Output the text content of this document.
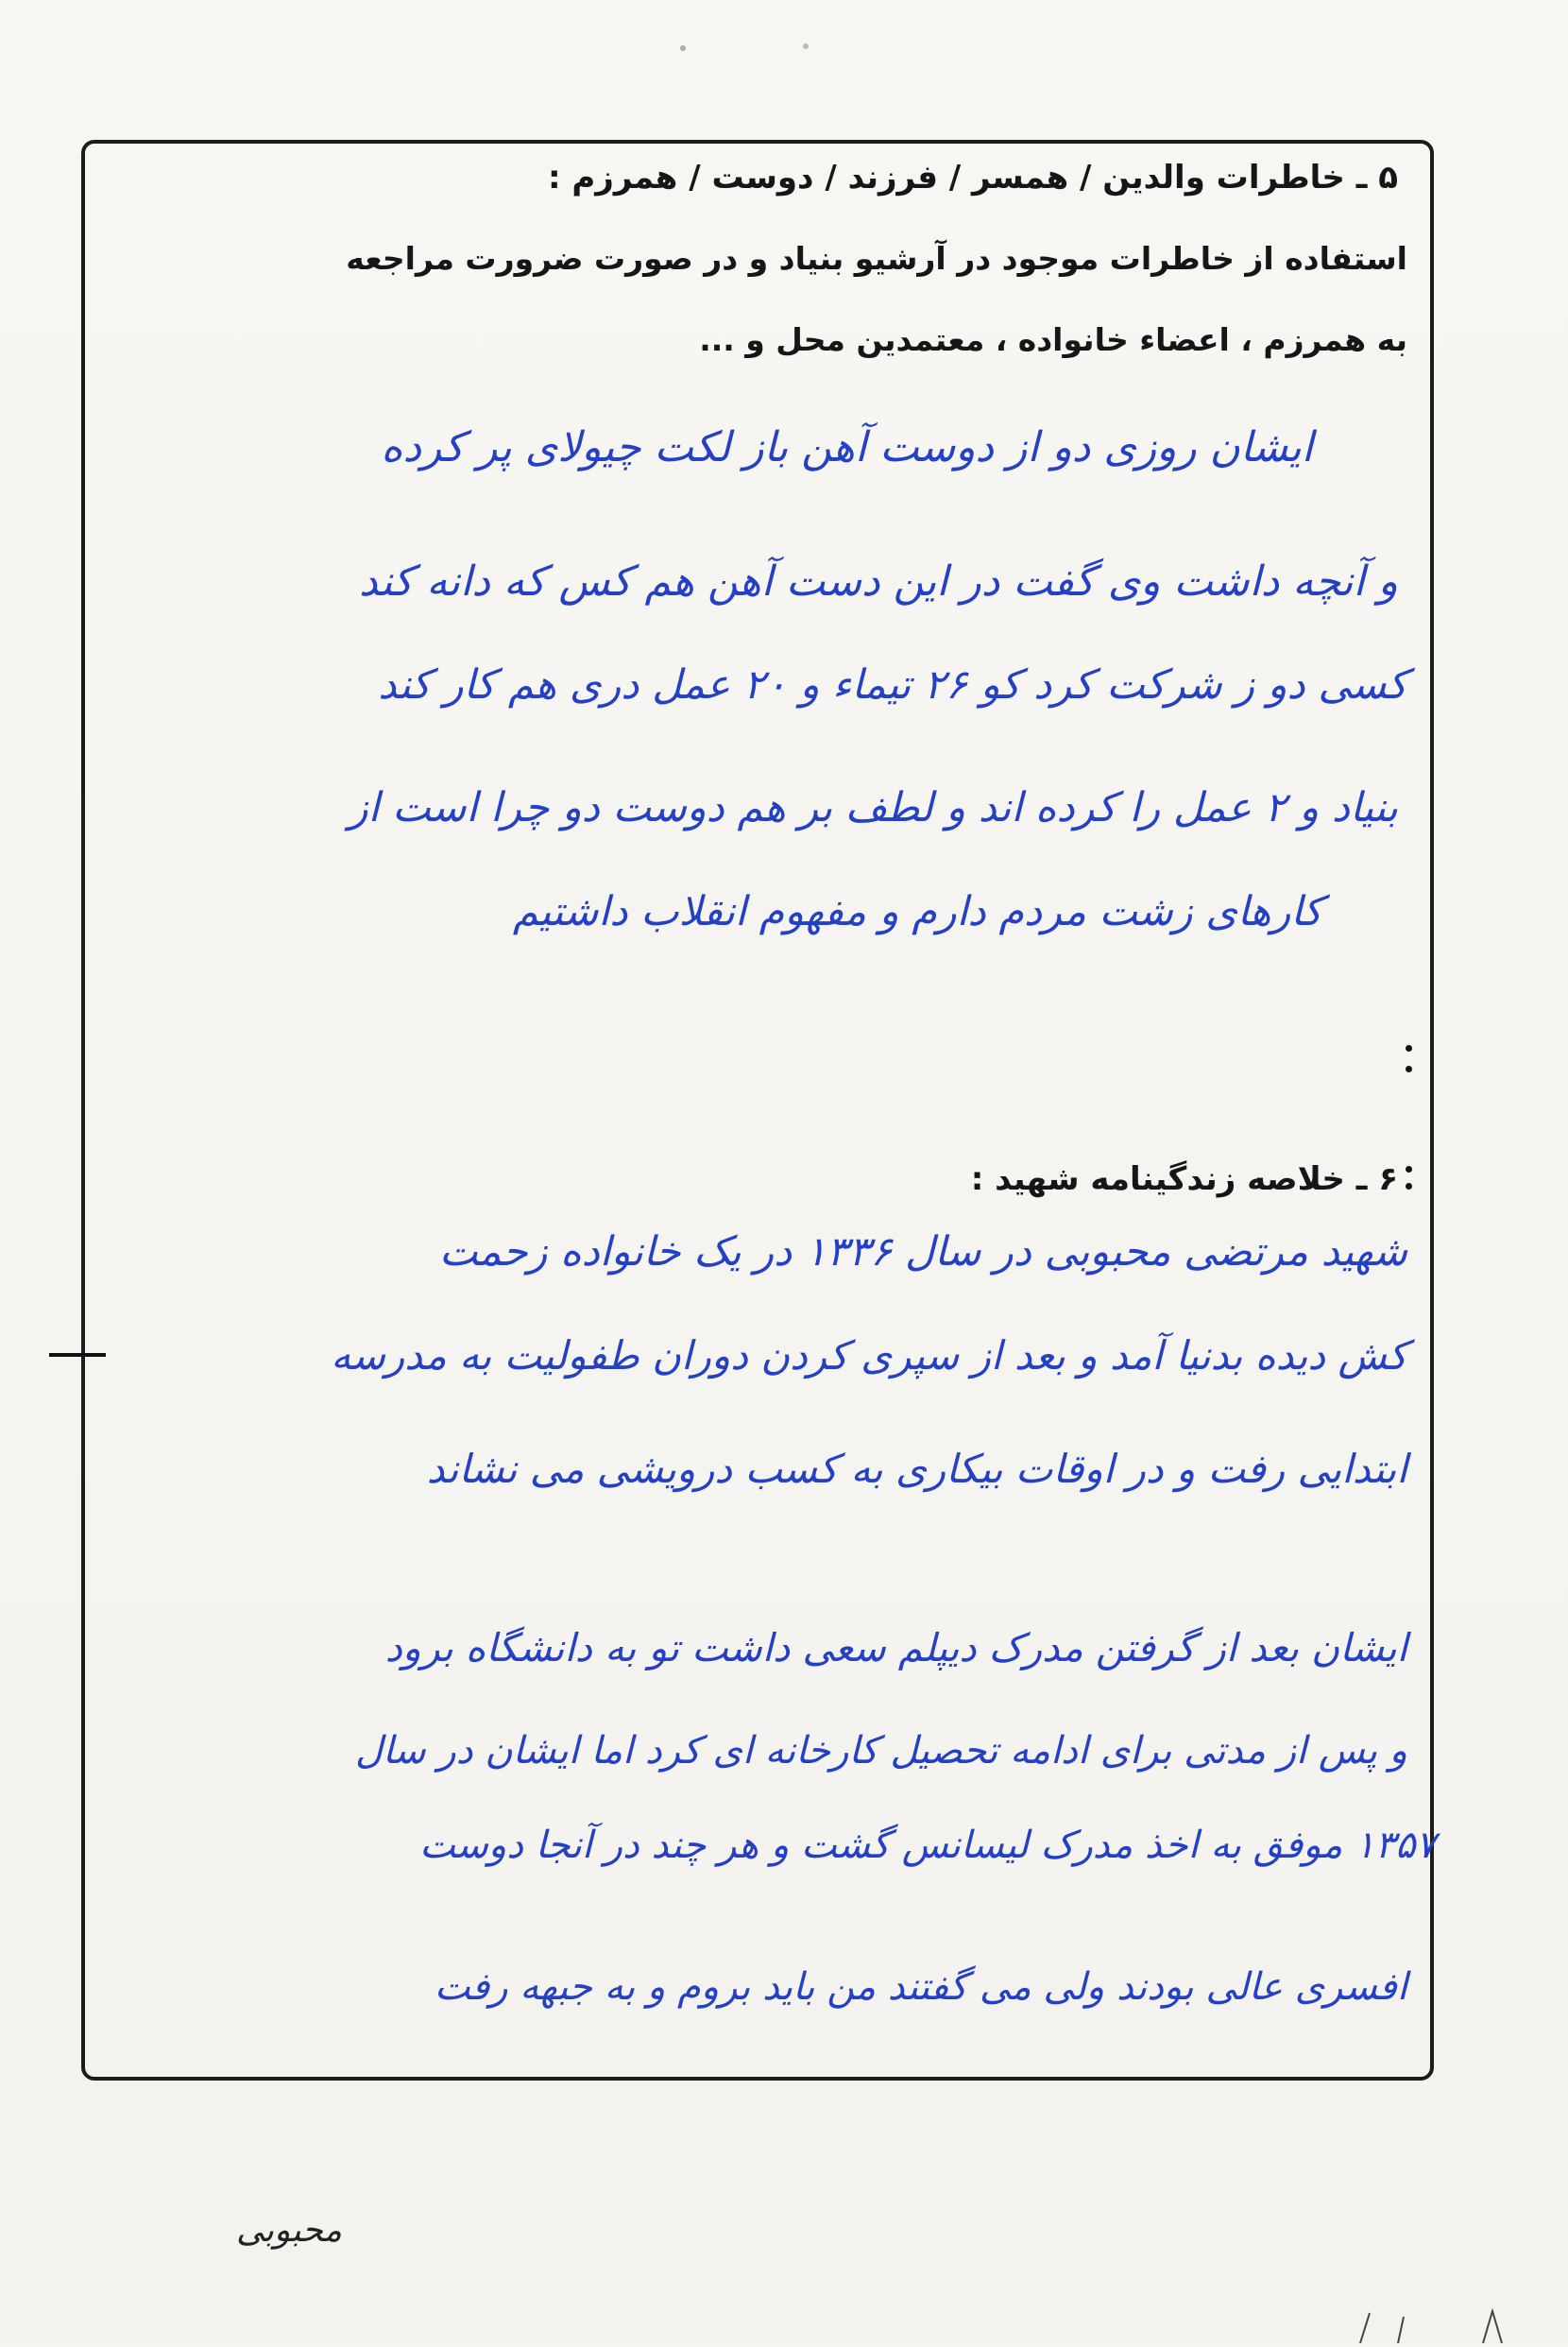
۵ ـ خاطرات والدین / همسر / فرزند / دوست / همرزم :
استفاده از خاطرات موجود در آرشیو بنیاد و در صورت ضرورت مراجعه
به همرزم ، اعضاء خانواده ، معتمدین محل و ...
ایشان روزی دو از دوست آهن باز لکت چیولای پر کرده
و آنچه داشت وی گفت در این دست آهن هم کس که دانه کند
کسی دو ز شرکت کرد کو ۲۶ تیماء و ۲۰ عمل دری هم کار کند
بنیاد و ۲ عمل را کرده اند و لطف بر هم دوست دو چرا است از
کارهای زشت مردم دارم و مفهوم انقلاب داشتیم
۶ ـ خلاصه زندگینامه شهید :
شهید مرتضی محبوبی در سال ۱۳۳۶ در یک خانواده زحمت
کش دیده بدنیا آمد و بعد از سپری کردن دوران طفولیت به مدرسه
ابتدایی رفت و در اوقات بیکاری به کسب درویشی می نشاند
ایشان بعد از گرفتن مدرک دیپلم سعی داشت تو به دانشگاه برود
و پس از مدتی برای ادامه تحصیل کارخانه ای کرد اما ایشان در سال
۱۳۵۷ موفق به اخذ مدرک لیسانس گشت و هر چند در آنجا دوست
افسری عالی بودند ولی می گفتند من باید بروم و به جبهه رفت
محبوبی
